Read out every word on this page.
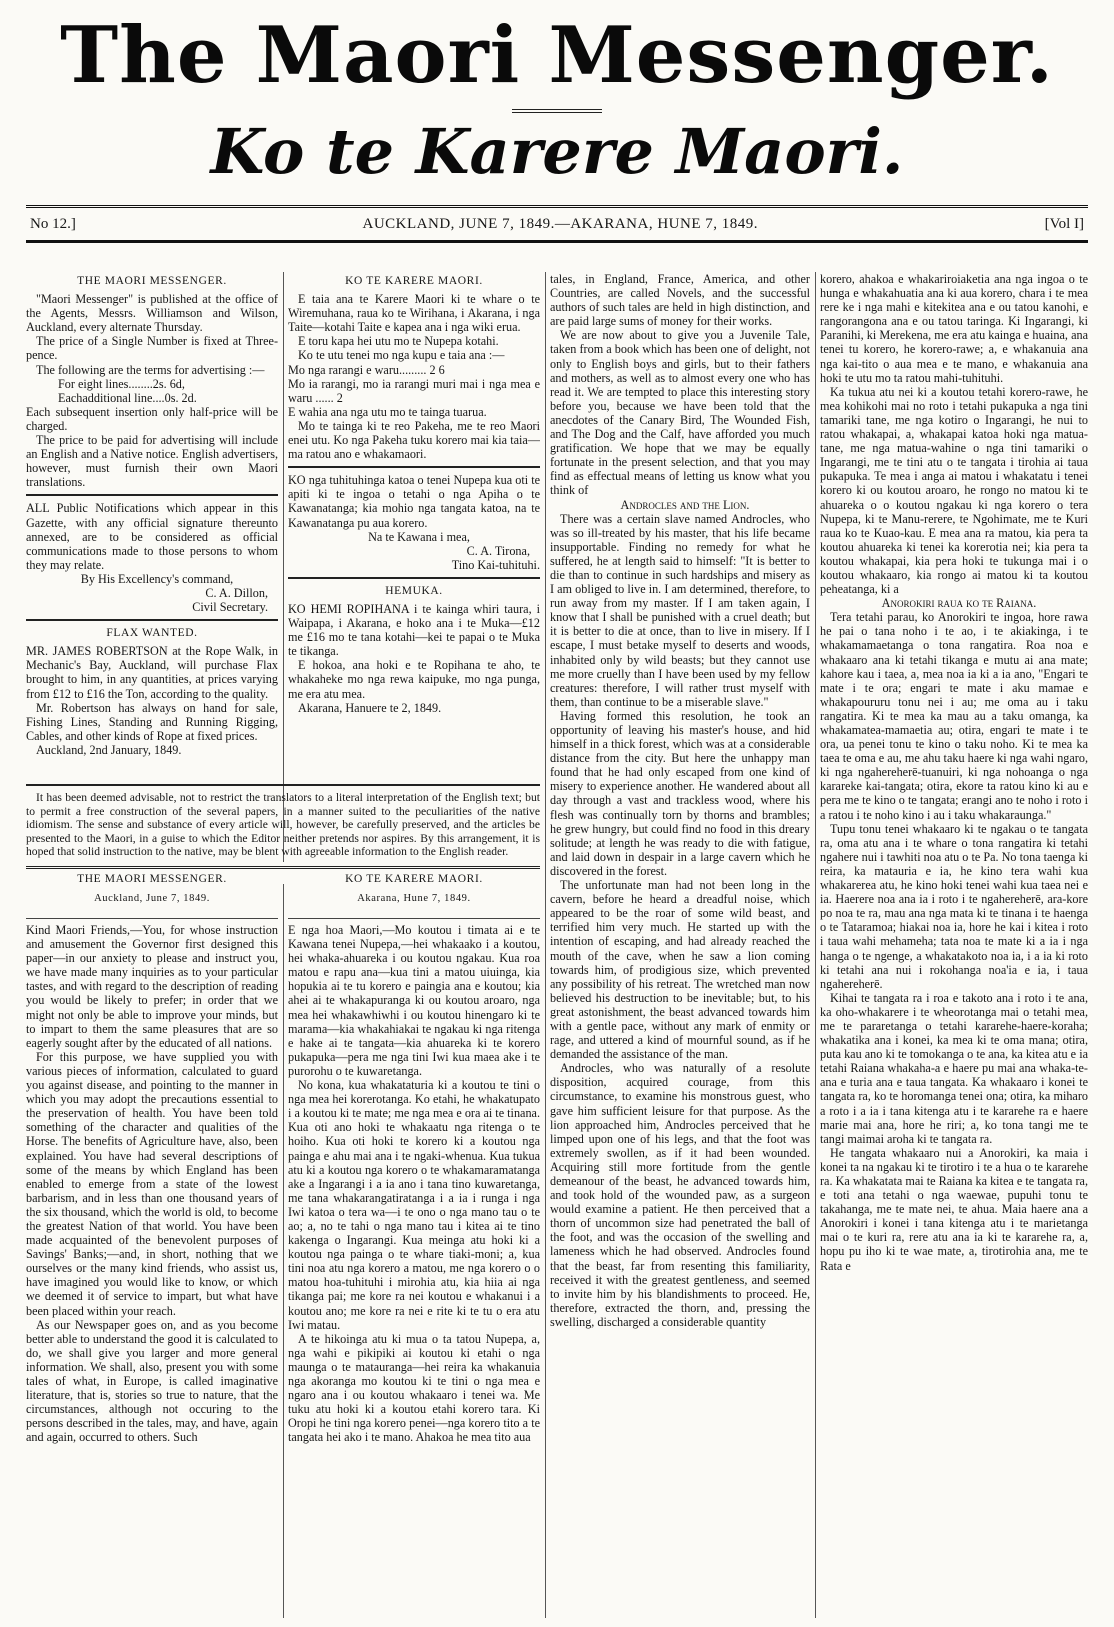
The Maori Messenger.
Ko te Karere Maori.
No 12.]	AUCKLAND, JUNE 7, 1849.—AKARANA, HUNE 7, 1849.	[Vol I]
THE MAORI MESSENGER.

"Maori Messenger" is published at the office of the Agents, Messrs. Williamson and Wilson, Auckland, every alternate Thursday.

The price of a Single Number is fixed at Three-pence.

The following are the terms for advertising :—

For eight lines........2s. 6d,

Eachadditional line....0s. 2d.

Each subsequent insertion only half-price will be charged.

The price to be paid for advertising will include an English and a Native notice. English advertisers, however, must furnish their own Maori translations.

ALL Public Notifications which appear in this Gazette, with any official signature thereunto annexed, are to be considered as official communications made to those persons to whom they may relate.

By His Excellency's command,

C. A. Dillon,

Civil Secretary.

FLAX WANTED.

MR. JAMES ROBERTSON at the Rope Walk, in Mechanic's Bay, Auckland, will purchase Flax brought to him, in any quantities, at prices varying from £12 to £16 the Ton, according to the quality.

Mr. Robertson has always on hand for sale, Fishing Lines, Standing and Running Rigging, Cables, and other kinds of Rope at fixed prices.

Auckland, 2nd January, 1849.

KO TE KARERE MAORI.

E taia ana te Karere Maori ki te whare o te Wiremuhana, raua ko te Wirihana, i Akarana, i nga Taite—kotahi Taite e kapea ana i nga wiki erua.

E toru kapa hei utu mo te Nupepa kotahi.

Ko te utu tenei mo nga kupu e taia ana :—

Mo nga rarangi e waru......... 2 6

Mo ia rarangi, mo ia rarangi muri mai i nga mea e waru ...... 2

E wahia ana nga utu mo te tainga tuarua.

Mo te tainga ki te reo Pakeha, me te reo Maori enei utu. Ko nga Pakeha tuku korero mai kia taia—ma ratou ano e whakamaori.

KO nga tuhituhinga katoa o tenei Nupepa kua oti te apiti ki te ingoa o tetahi o nga Apiha o te Kawanatanga; kia mohio nga tangata katoa, na te Kawanatanga pu aua korero.

Na te Kawana i mea,

C. A. Tirona,

Tino Kai-tuhituhi.

HEMUKA.

KO HEMI ROPIHANA i te kainga whiri taura, i Waipapa, i Akarana, e hoko ana i te Muka—£12 me £16 mo te tana kotahi—kei te papai o te Muka te tikanga.

E hokoa, ana hoki e te Ropihana te aho, te whakaheke mo nga rewa kaipuke, mo nga punga, me era atu mea.

Akarana, Hanuere te 2, 1849.

It has been deemed advisable, not to restrict the translators to a literal interpretation of the English text; but to permit a free construction of the several papers, in a manner suited to the peculiarities of the native idiomism. The sense and substance of every article will, however, be carefully preserved, and the articles be presented to the Maori, in a guise to which the Editor neither pretends nor aspires. By this arrangement, it is hoped that solid instruction to the native, may be blent with agreeable information to the English reader.

THE MAORI MESSENGER.
Auckland, June 7, 1849.
KO TE KARERE MAORI.
Akarana, Hune 7, 1849.

Kind Maori Friends,—You, for whose instruction and amusement the Governor first designed this paper—in our anxiety to please and instruct you, we have made many inquiries as to your particular tastes, and with regard to the description of reading you would be likely to prefer; in order that we might not only be able to improve your minds, but to impart to them the same pleasures that are so eagerly sought after by the educated of all nations.

For this purpose, we have supplied you with various pieces of information, calculated to guard you against disease, and pointing to the manner in which you may adopt the precautions essential to the preservation of health. You have been told something of the character and qualities of the Horse. The benefits of Agriculture have, also, been explained. You have had several descriptions of some of the means by which England has been enabled to emerge from a state of the lowest barbarism, and in less than one thousand years of the six thousand, which the world is old, to become the greatest Nation of that world. You have been made acquainted of the benevolent purposes of Savings' Banks;—and, in short, nothing that we ourselves or the many kind friends, who assist us, have imagined you would like to know, or which we deemed it of service to impart, but what have been placed within your reach.

As our Newspaper goes on, and as you become better able to understand the good it is calculated to do, we shall give you larger and more general information. We shall, also, present you with some tales of what, in Europe, is called imaginative literature, that is, stories so true to nature, that the circumstances, although not occuring to the persons described in the tales, may, and have, again and again, occurred to others. Such

E nga hoa Maori,—Mo koutou i timata ai e te Kawana tenei Nupepa,—hei whakaako i a koutou, hei whaka-ahuareka i ou koutou ngakau. Kua roa matou e rapu ana—kua tini a matou uiuinga, kia hopukia ai te tu korero e paingia ana e koutou; kia ahei ai te whakapuranga ki ou koutou aroaro, nga mea hei whakawhiwhi i ou koutou hinengaro ki te marama—kia whakahiakai te ngakau ki nga ritenga e hake ai te tangata—kia ahuareka ki te korero pukapuka—pera me nga tini Iwi kua maea ake i te purorohu o te kuwaretanga.

No kona, kua whakataturia ki a koutou te tini o nga mea hei korerotanga. Ko etahi, he whakatupato i a koutou ki te mate; me nga mea e ora ai te tinana. Kua oti ano hoki te whakaatu nga ritenga o te hoiho. Kua oti hoki te korero ki a koutou nga painga e ahu mai ana i te ngaki-whenua. Kua tukua atu ki a koutou nga korero o te whakamaramatanga ake a Ingarangi i a ia ano i tana tino kuwaretanga, me tana whakarangatiratanga i a ia i runga i nga Iwi katoa o tera wa—i te ono o nga mano tau o te ao; a, no te tahi o nga mano tau i kitea ai te tino kakenga o Ingarangi. Kua meinga atu hoki ki a koutou nga painga o te whare tiaki-moni; a, kua tini noa atu nga korero a matou, me nga korero o o matou hoa-tuhituhi i mirohia atu, kia hiia ai nga tikanga pai; me kore ra nei koutou e whakanui i a koutou ano; me kore ra nei e rite ki te tu o era atu Iwi matau.

A te hikoinga atu ki mua o ta tatou Nupepa, a, nga wahi e pikipiki ai koutou ki etahi o nga maunga o te matauranga—hei reira ka whakanuia nga akoranga mo koutou ki te tini o nga mea e ngaro ana i ou koutou whakaaro i tenei wa. Me tuku atu hoki ki a koutou etahi korero tara. Ki Oropi he tini nga korero penei—nga korero tito a te tangata hei ako i te mano. Ahakoa he mea tito aua

tales, in England, France, America, and other Countries, are called Novels, and the successful authors of such tales are held in high distinction, and are paid large sums of money for their works.

We are now about to give you a Juvenile Tale, taken from a book which has been one of delight, not only to English boys and girls, but to their fathers and mothers, as well as to almost every one who has read it. We are tempted to place this interesting story before you, because we have been told that the anecdotes of the Canary Bird, The Wounded Fish, and The Dog and the Calf, have afforded you much gratification. We hope that we may be equally fortunate in the present selection, and that you may find as effectual means of letting us know what you think of

Androcles and the Lion.

There was a certain slave named Androcles, who was so ill-treated by his master, that his life became insupportable. Finding no remedy for what he suffered, he at length said to himself: "It is better to die than to continue in such hardships and misery as I am obliged to live in. I am determined, therefore, to run away from my master. If I am taken again, I know that I shall be punished with a cruel death; but it is better to die at once, than to live in misery. If I escape, I must betake myself to deserts and woods, inhabited only by wild beasts; but they cannot use me more cruelly than I have been used by my fellow creatures: therefore, I will rather trust myself with them, than continue to be a miserable slave."

Having formed this resolution, he took an opportunity of leaving his master's house, and hid himself in a thick forest, which was at a considerable distance from the city. But here the unhappy man found that he had only escaped from one kind of misery to experience another. He wandered about all day through a vast and trackless wood, where his flesh was continually torn by thorns and brambles; he grew hungry, but could find no food in this dreary solitude; at length he was ready to die with fatigue, and laid down in despair in a large cavern which he discovered in the forest.

The unfortunate man had not been long in the cavern, before he heard a dreadful noise, which appeared to be the roar of some wild beast, and terrified him very much. He started up with the intention of escaping, and had already reached the mouth of the cave, when he saw a lion coming towards him, of prodigious size, which prevented any possibility of his retreat. The wretched man now believed his destruction to be inevitable; but, to his great astonishment, the beast advanced towards him with a gentle pace, without any mark of enmity or rage, and uttered a kind of mournful sound, as if he demanded the assistance of the man.

Androcles, who was naturally of a resolute disposition, acquired courage, from this circumstance, to examine his monstrous guest, who gave him sufficient leisure for that purpose. As the lion approached him, Androcles perceived that he limped upon one of his legs, and that the foot was extremely swollen, as if it had been wounded. Acquiring still more fortitude from the gentle demeanour of the beast, he advanced towards him, and took hold of the wounded paw, as a surgeon would examine a patient. He then perceived that a thorn of uncommon size had penetrated the ball of the foot, and was the occasion of the swelling and lameness which he had observed. Androcles found that the beast, far from resenting this familiarity, received it with the greatest gentleness, and seemed to invite him by his blandishments to proceed. He, therefore, extracted the thorn, and, pressing the swelling, discharged a considerable quantity

korero, ahakoa e whakariroiaketia ana nga ingoa o te hunga e whakahuatia ana ki aua korero, chara i te mea rere ke i nga mahi e kitekitea ana e ou tatou kanohi, e rangorangona ana e ou tatou taringa. Ki Ingarangi, ki Paranihi, ki Merekena, me era atu kainga e huaina, ana tenei tu korero, he korero-rawe; a, e whakanuia ana nga kai-tito o aua mea e te mano, e whakanuia ana hoki te utu mo ta ratou mahi-tuhituhi.

Ka tukua atu nei ki a koutou tetahi korero-rawe, he mea kohikohi mai no roto i tetahi pukapuka a nga tini tamariki tane, me nga kotiro o Ingarangi, he nui to ratou whakapai, a, whakapai katoa hoki nga matua-tane, me nga matua-wahine o nga tini tamariki o Ingarangi, me te tini atu o te tangata i tirohia ai taua pukapuka. Te mea i anga ai matou i whakatatu i tenei korero ki ou koutou aroaro, he rongo no matou ki te ahuareka o o koutou ngakau ki nga korero o tera Nupepa, ki te Manu-rerere, te Ngohimate, me te Kuri raua ko te Kuao-kau. E mea ana ra matou, kia pera ta koutou ahuareka ki tenei ka korerotia nei; kia pera ta koutou whakapai, kia pera hoki te tukunga mai i o koutou whakaaro, kia rongo ai matou ki ta koutou peheatanga, ki a

Anorokiri raua ko te Raiana.

Tera tetahi parau, ko Anorokiri te ingoa, hore rawa he pai o tana noho i te ao, i te akiakinga, i te whakamamaetanga o tona rangatira. Roa noa e whakaaro ana ki tetahi tikanga e mutu ai ana mate; kahore kau i taea, a, mea noa ia ki a ia ano, "Engari te mate i te ora; engari te mate i aku mamae e whakapoururu tonu nei i au; me oma au i taku rangatira. Ki te mea ka mau au a taku omanga, ka whakamatea-mamaetia au; otira, engari te mate i te ora, ua penei tonu te kino o taku noho. Ki te mea ka taea te oma e au, me ahu taku haere ki nga wahi ngaro, ki nga ngahereherē-tuanuiri, ki nga nohoanga o nga karareke kai-tangata; otira, ekore ta ratou kino ki au e pera me te kino o te tangata; erangi ano te noho i roto i a ratou i te noho kino i au i taku whakaraunga."

Tupu tonu tenei whakaaro ki te ngakau o te tangata ra, oma atu ana i te whare o tona rangatira ki tetahi ngahere nui i tawhiti noa atu o te Pa. No tona taenga ki reira, ka matauria e ia, he kino tera wahi kua whakarerea atu, he kino hoki tenei wahi kua taea nei e ia. Haerere noa ana ia i roto i te ngahereherē, ara-kore po noa te ra, mau ana nga mata ki te tinana i te haenga o te Tataramoa; hiakai noa ia, hore he kai i kitea i roto i taua wahi mehameha; tata noa te mate ki a ia i nga hanga o te ngenge, a whakatakoto noa ia, i a ia ki roto ki tetahi ana nui i rokohanga noa'ia e ia, i taua ngahereherē.

Kihai te tangata ra i roa e takoto ana i roto i te ana, ka oho-whakarere i te wheorotanga mai o tetahi mea, me te pararetanga o tetahi kararehe-haere-koraha; whakatika ana i konei, ka mea ki te oma mana; otira, puta kau ano ki te tomokanga o te ana, ka kitea atu e ia tetahi Raiana whakaha-a e haere pu mai ana whaka-te-ana e turia ana e taua tangata. Ka whakaaro i konei te tangata ra, ko te horomanga tenei ona; otira, ka miharo a roto i a ia i tana kitenga atu i te kararehe ra e haere marie mai ana, hore he riri; a, ko tona tangi me te tangi maimai aroha ki te tangata ra.

He tangata whakaaro nui a Anorokiri, ka maia i konei ta na ngakau ki te tirotiro i te a hua o te kararehe ra. Ka whakatata mai te Raiana ka kitea e te tangata ra, e toti ana tetahi o nga waewae, pupuhi tonu te takahanga, me te mate nei, te ahua. Maia haere ana a Anorokiri i konei i tana kitenga atu i te marietanga mai o te kuri ra, rere atu ana ia ki te kararehe ra, a, hopu pu iho ki te wae mate, a, tirotirohia ana, me te Rata e
